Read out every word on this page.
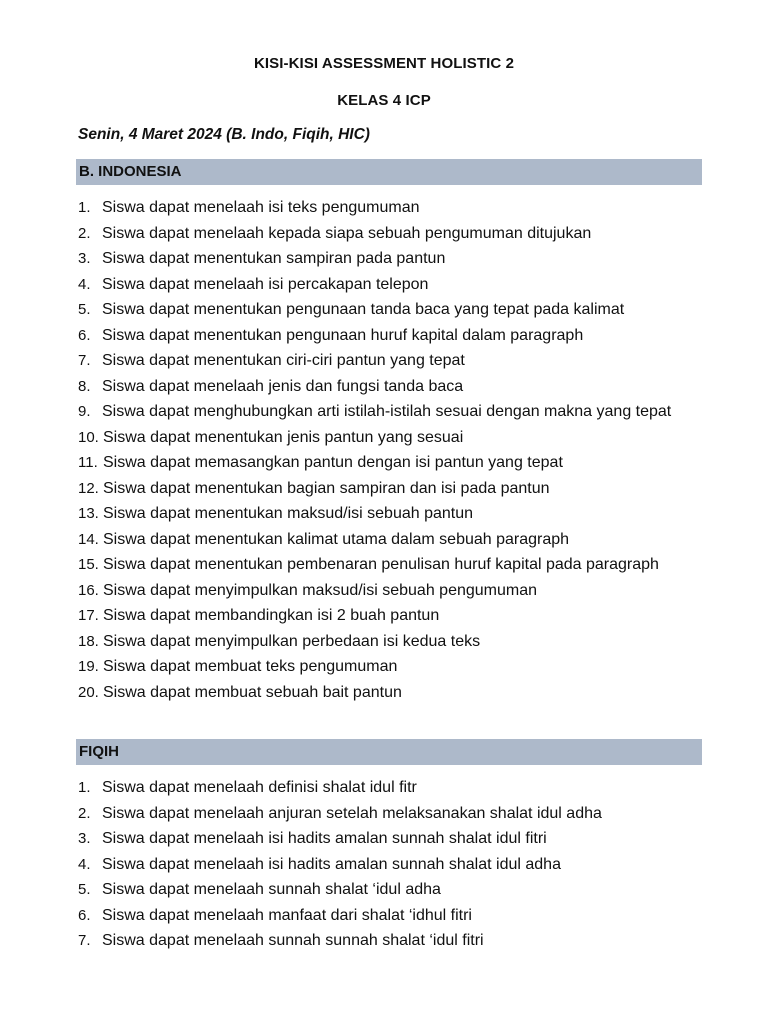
KISI-KISI ASSESSMENT HOLISTIC 2
KELAS 4 ICP
Senin, 4 Maret 2024 (B. Indo, Fiqih, HIC)
B. INDONESIA
1. Siswa dapat menelaah isi teks pengumuman
2. Siswa dapat menelaah kepada siapa sebuah pengumuman ditujukan
3. Siswa dapat menentukan sampiran pada pantun
4. Siswa dapat menelaah isi percakapan telepon
5. Siswa dapat menentukan pengunaan tanda baca yang tepat pada kalimat
6. Siswa dapat menentukan pengunaan huruf kapital dalam paragraph
7. Siswa dapat menentukan ciri-ciri pantun yang tepat
8. Siswa dapat menelaah jenis dan fungsi tanda baca
9. Siswa dapat menghubungkan arti istilah-istilah sesuai dengan makna yang tepat
10. Siswa dapat menentukan jenis pantun yang sesuai
11. Siswa dapat memasangkan pantun dengan isi pantun yang tepat
12. Siswa dapat menentukan bagian sampiran dan isi pada pantun
13. Siswa dapat menentukan maksud/isi sebuah pantun
14. Siswa dapat menentukan kalimat utama dalam sebuah paragraph
15. Siswa dapat menentukan pembenaran penulisan huruf kapital pada paragraph
16. Siswa dapat menyimpulkan maksud/isi sebuah pengumuman
17. Siswa dapat membandingkan isi 2 buah pantun
18. Siswa dapat menyimpulkan perbedaan isi kedua teks
19. Siswa dapat membuat teks pengumuman
20.Siswa dapat membuat sebuah bait pantun
FIQIH
1. Siswa dapat menelaah definisi shalat idul fitr
2. Siswa dapat menelaah anjuran setelah melaksanakan shalat idul adha
3. Siswa dapat menelaah isi hadits amalan sunnah shalat idul fitri
4. Siswa dapat menelaah isi hadits amalan sunnah shalat idul adha
5. Siswa dapat menelaah sunnah shalat ‘idul adha
6. Siswa dapat menelaah manfaat dari shalat ‘idhul fitri
7. Siswa dapat menelaah sunnah sunnah shalat ‘idul fitri
